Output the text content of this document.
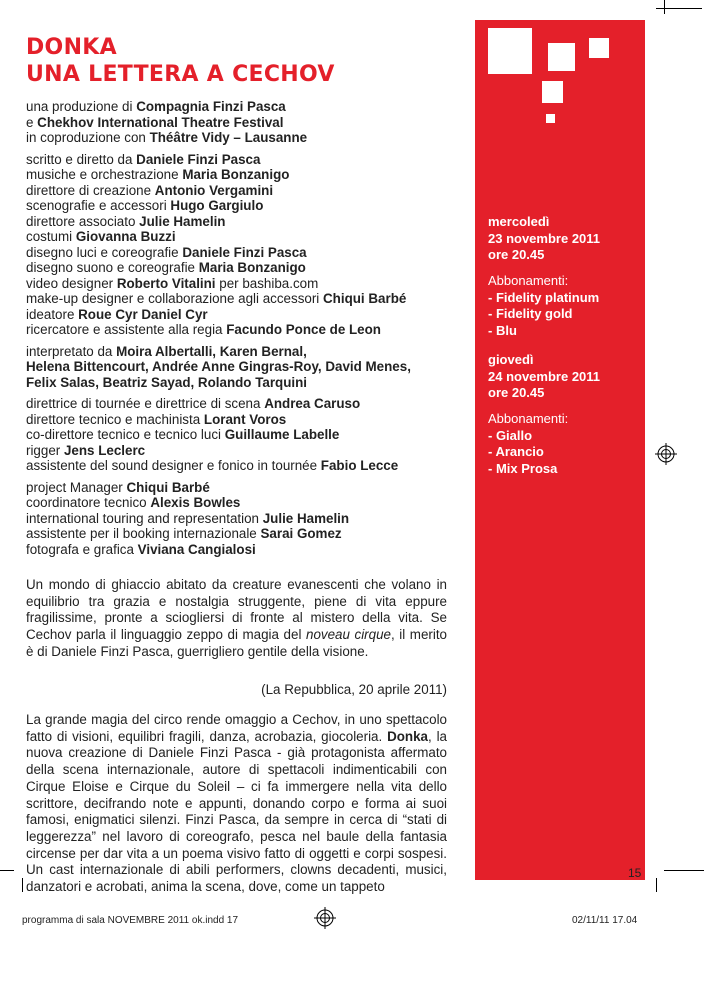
DONKA
UNA LETTERA A CECHOV
una produzione di Compagnia Finzi Pasca
e Chekhov International Theatre Festival
in coproduzione con Théâtre Vidy – Lausanne
scritto e diretto da Daniele Finzi Pasca
musiche e orchestrazione Maria Bonzanigo
direttore di creazione Antonio Vergamini
scenografie e accessori Hugo Gargiulo
direttore associato Julie Hamelin
costumi Giovanna Buzzi
disegno luci e coreografie Daniele Finzi Pasca
disegno suono e coreografie Maria Bonzanigo
video designer Roberto Vitalini per bashiba.com
make-up designer e collaborazione agli accessori Chiqui Barbé
ideatore Roue Cyr Daniel Cyr
ricercatore e assistente alla regia Facundo Ponce de Leon
interpretato da Moira Albertalli, Karen Bernal,
Helena Bittencourt, Andrée Anne Gingras-Roy, David Menes,
Felix Salas, Beatriz Sayad, Rolando Tarquini
direttrice di tournée e direttrice di scena Andrea Caruso
direttore tecnico e machinista Lorant Voros
co-direttore tecnico e tecnico luci Guillaume Labelle
rigger Jens Leclerc
assistente del sound designer e fonico in tournée Fabio Lecce
project Manager Chiqui Barbé
coordinatore tecnico Alexis Bowles
international touring and representation Julie Hamelin
assistente per il booking internazionale Sarai Gomez
fotografa e grafica Viviana Cangialosi
mercoledì
23 novembre 2011
ore 20.45
Abbonamenti:
- Fidelity platinum
- Fidelity gold
- Blu
giovedì
24 novembre 2011
ore 20.45
Abbonamenti:
- Giallo
- Arancio
- Mix Prosa

Un mondo di ghiaccio abitato da creature evanescenti che volano in equilibrio tra grazia e nostalgia struggente, piene di vita eppure fragilissime, pronte a sciogliersi di fronte al mistero della vita. Se Cechov parla il linguaggio zeppo di magia del noveau cirque, il merito è di Daniele Finzi Pasca, guerrigliero gentile della visione.

(La Repubblica, 20 aprile 2011)

La grande magia del circo rende omaggio a Cechov, in uno spettacolo fatto di visioni, equilibri fragili, danza, acrobazia, giocoleria. Donka, la nuova creazione di Daniele Finzi Pasca - già protagonista affermato della scena internazionale, autore di spettacoli indimenticabili con Cirque Eloise e Cirque du Soleil – ci fa immergere nella vita dello scrittore, decifrando note e appunti, donando corpo e forma ai suoi famosi, enigmatici silenzi. Finzi Pasca, da sempre in cerca di “stati di leggerezza” nel lavoro di coreografo, pesca nel baule della fantasia circense per dar vita a un poema visivo fatto di oggetti e corpi sospesi. Un cast internazionale di abili performers, clowns decadenti, musici, danzatori e acrobati, anima la scena, dove, come un tappeto

15
programma di sala NOVEMBRE 2011 ok.indd 17	02/11/11 17.04
